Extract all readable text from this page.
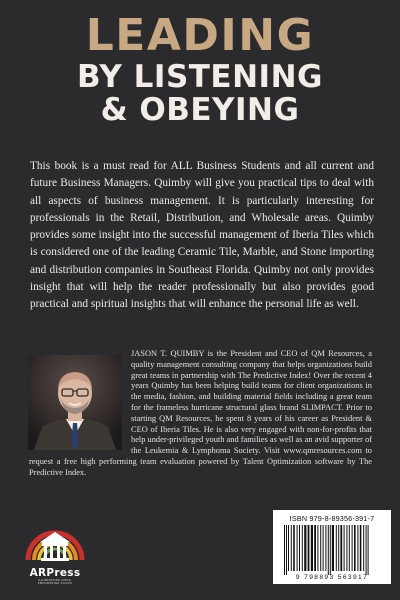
LEADING
BY LISTENING
& OBEYING
This book is a must read for ALL Business Students and all current and future Business Managers. Quimby will give you practical tips to deal with all aspects of business management. It is particularly interesting for professionals in the Retail, Distribution, and Wholesale areas. Quimby provides some insight into the successful management of Iberia Tiles which is considered one of the leading Ceramic Tile, Marble, and Stone importing and distribution companies in Southeast Florida. Quimby not only provides insight that will help the reader professionally but also provides good practical and spiritual insights that will enhance the personal life as well.
JASON T. QUIMBY is the President and CEO of QM Resources, a quality management consulting company that helps organizations build great teams in partnership with The Predictive Index! Over the recent 4 years Quimby has been helping build teams for client organizations in the media, fashion, and building material fields including a great team for the frameless hurricane structural glass brand SLIMPACT. Prior to starting QM Resources, he spent 8 years of his career as President & CEO of Iberia Tiles. He is also very engaged with non-for-profits that help under-privileged youth and families as well as an avid supporter of the Leukemia & Lymphoma Society. Visit www.qmresources.com to request a free high performing team evaluation powered by Talent Optimization software by The Predictive Index.
ARPress
ILLUMINATING IDEAS,
EMPOWERING VOICES
ISBN 979-8-89356-391-7
9 798893 563917
